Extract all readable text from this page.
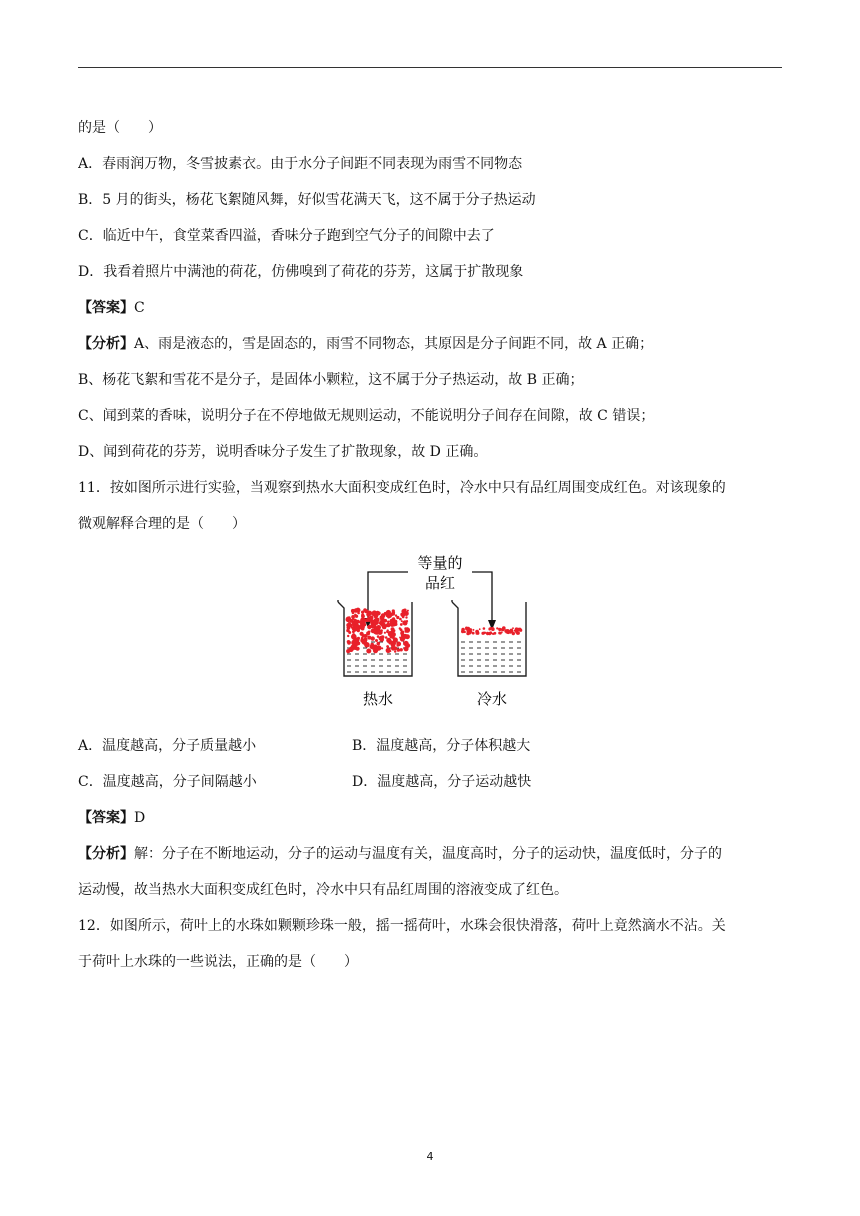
的是（　　）
A．春雨润万物，冬雪披素衣。由于水分子间距不同表现为雨雪不同物态
B．5 月的街头，杨花飞絮随风舞，好似雪花满天飞，这不属于分子热运动
C．临近中午，食堂菜香四溢，香味分子跑到空气分子的间隙中去了
D．我看着照片中满池的荷花，仿佛嗅到了荷花的芬芳，这属于扩散现象
【答案】C
【分析】A、雨是液态的，雪是固态的，雨雪不同物态，其原因是分子间距不同，故 A 正确；
B、杨花飞絮和雪花不是分子，是固体小颗粒，这不属于分子热运动，故 B 正确；
C、闻到菜的香味，说明分子在不停地做无规则运动，不能说明分子间存在间隙，故 C 错误；
D、闻到荷花的芬芳，说明香味分子发生了扩散现象，故 D 正确。
11．按如图所示进行实验，当观察到热水大面积变成红色时，冷水中只有品红周围变成红色。对该现象的
微观解释合理的是（　　）
等量的
品红
热水	冷水
A．温度越高，分子质量越小	B．温度越高，分子体积越大
C．温度越高，分子间隔越小	D．温度越高，分子运动越快
【答案】D
【分析】解：分子在不断地运动，分子的运动与温度有关，温度高时，分子的运动快，温度低时，分子的
运动慢，故当热水大面积变成红色时，冷水中只有品红周围的溶液变成了红色。
12．如图所示，荷叶上的水珠如颗颗珍珠一般，摇一摇荷叶，水珠会很快滑落，荷叶上竟然滴水不沾。关
于荷叶上水珠的一些说法，正确的是（　　）
4
